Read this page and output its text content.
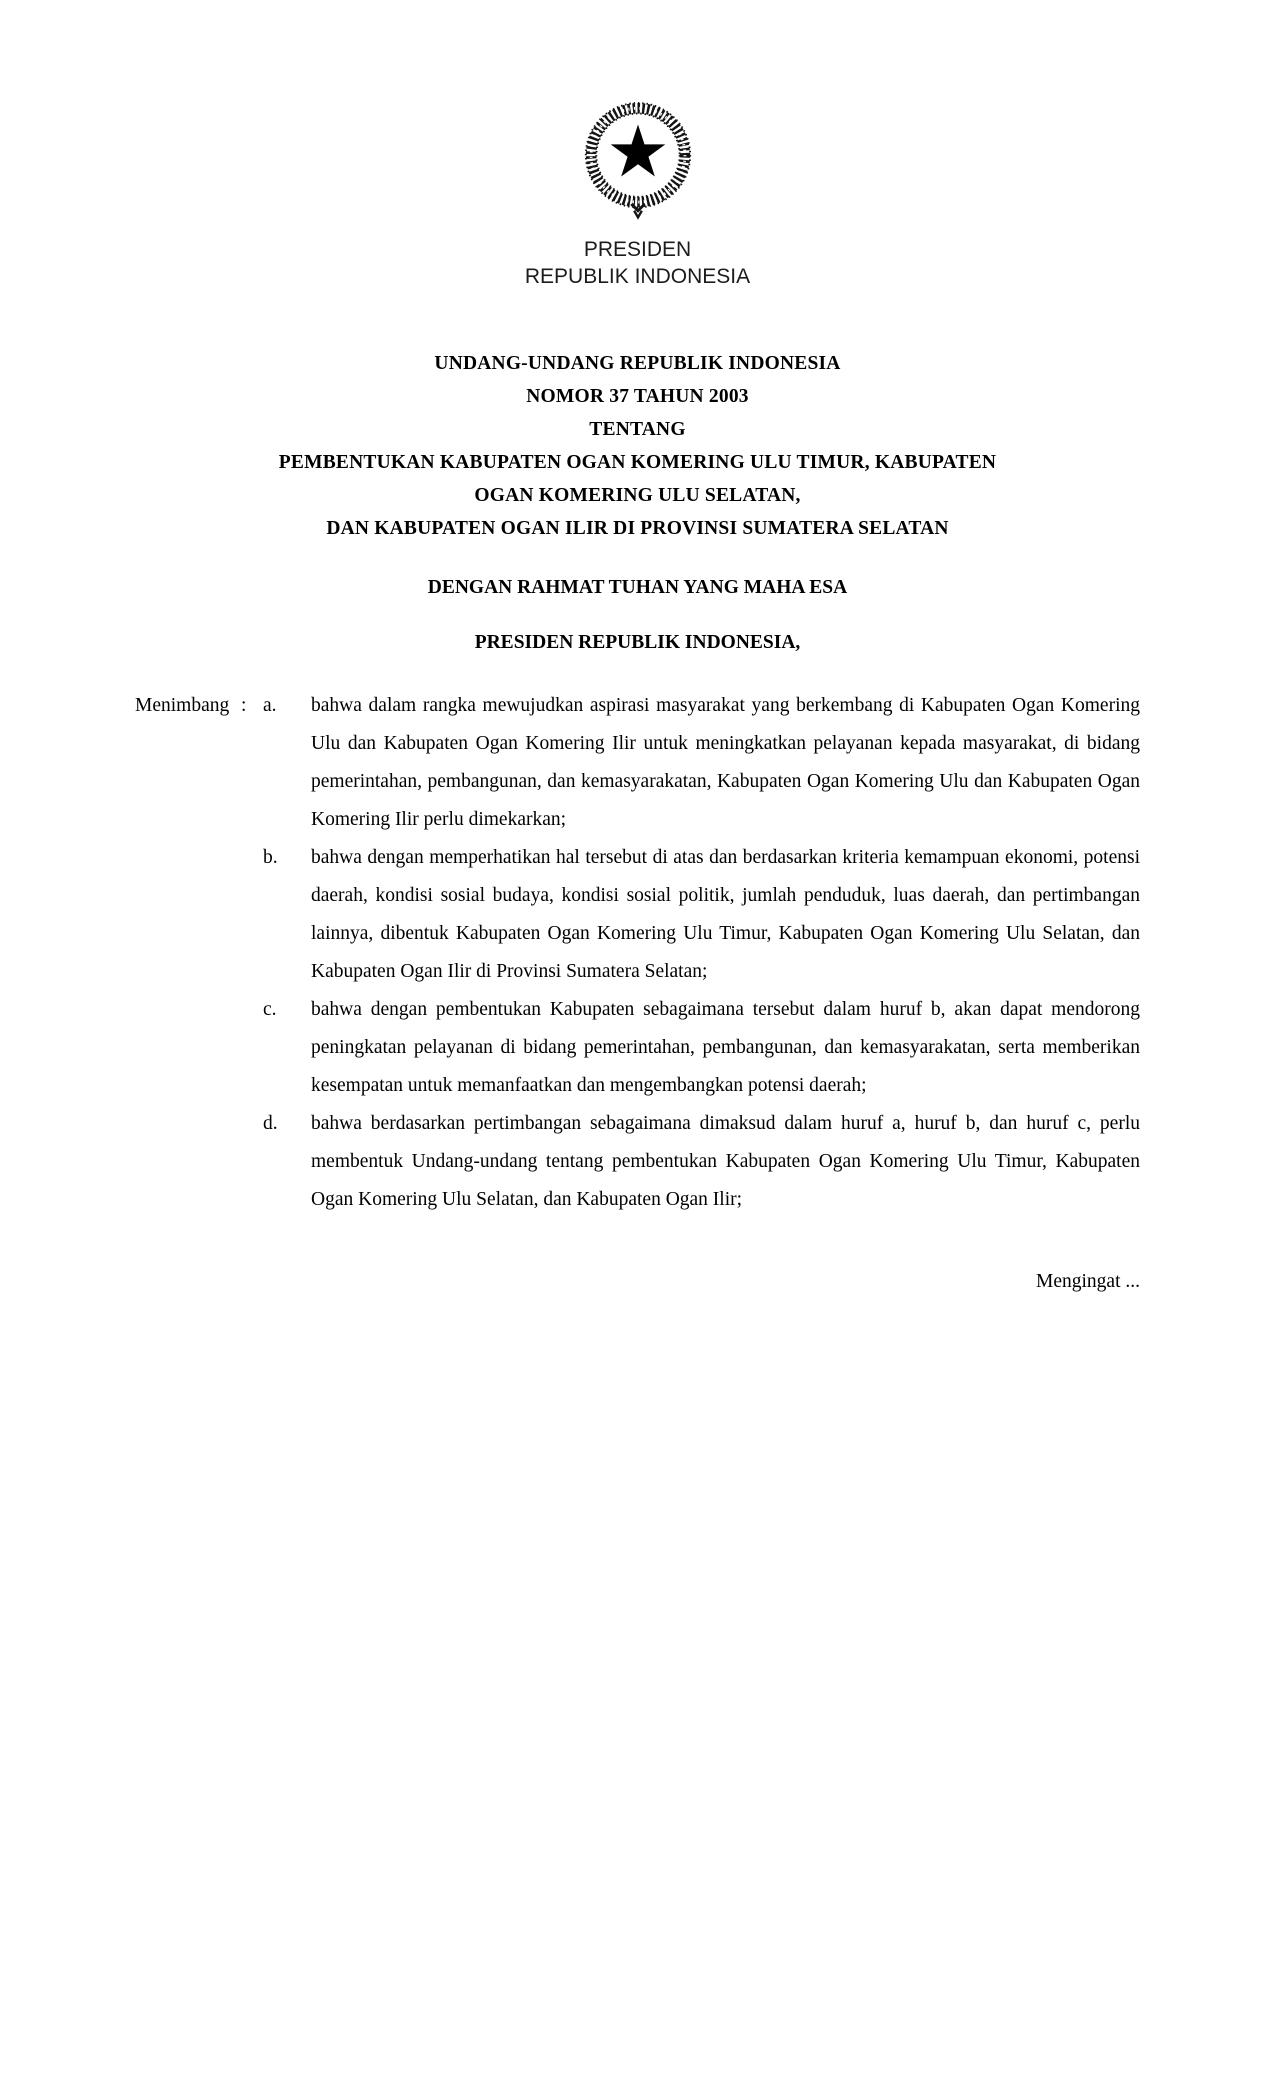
PRESIDEN
REPUBLIK INDONESIA
UNDANG-UNDANG REPUBLIK INDONESIA
NOMOR 37 TAHUN 2003
TENTANG
PEMBENTUKAN KABUPATEN OGAN KOMERING ULU TIMUR, KABUPATEN
OGAN KOMERING ULU SELATAN,
DAN KABUPATEN OGAN ILIR DI PROVINSI SUMATERA SELATAN
DENGAN RAHMAT TUHAN YANG MAHA ESA
PRESIDEN REPUBLIK INDONESIA,
Menimbang : a.	bahwa dalam rangka mewujudkan aspirasi masyarakat yang berkembang di Kabupaten Ogan Komering Ulu dan Kabupaten Ogan Komering Ilir untuk meningkatkan pelayanan kepada masyarakat, di bidang pemerintahan, pembangunan, dan kemasyarakatan, Kabupaten Ogan Komering Ulu dan Kabupaten Ogan Komering Ilir perlu dimekarkan;
b.	bahwa dengan memperhatikan hal tersebut di atas dan berdasarkan kriteria kemampuan ekonomi, potensi daerah, kondisi sosial budaya, kondisi sosial politik, jumlah penduduk, luas daerah, dan pertimbangan lainnya, dibentuk Kabupaten Ogan Komering Ulu Timur, Kabupaten Ogan Komering Ulu Selatan, dan Kabupaten Ogan Ilir di Provinsi Sumatera Selatan;
c.	bahwa dengan pembentukan Kabupaten sebagaimana tersebut dalam huruf b, akan dapat mendorong peningkatan pelayanan di bidang pemerintahan, pembangunan, dan kemasyarakatan, serta memberikan kesempatan untuk memanfaatkan dan mengembangkan potensi daerah;
d.	bahwa berdasarkan pertimbangan sebagaimana dimaksud dalam huruf a, huruf b, dan huruf c, perlu membentuk Undang-undang tentang pembentukan Kabupaten Ogan Komering Ulu Timur, Kabupaten Ogan Komering Ulu Selatan, dan Kabupaten Ogan Ilir;
Mengingat ...
